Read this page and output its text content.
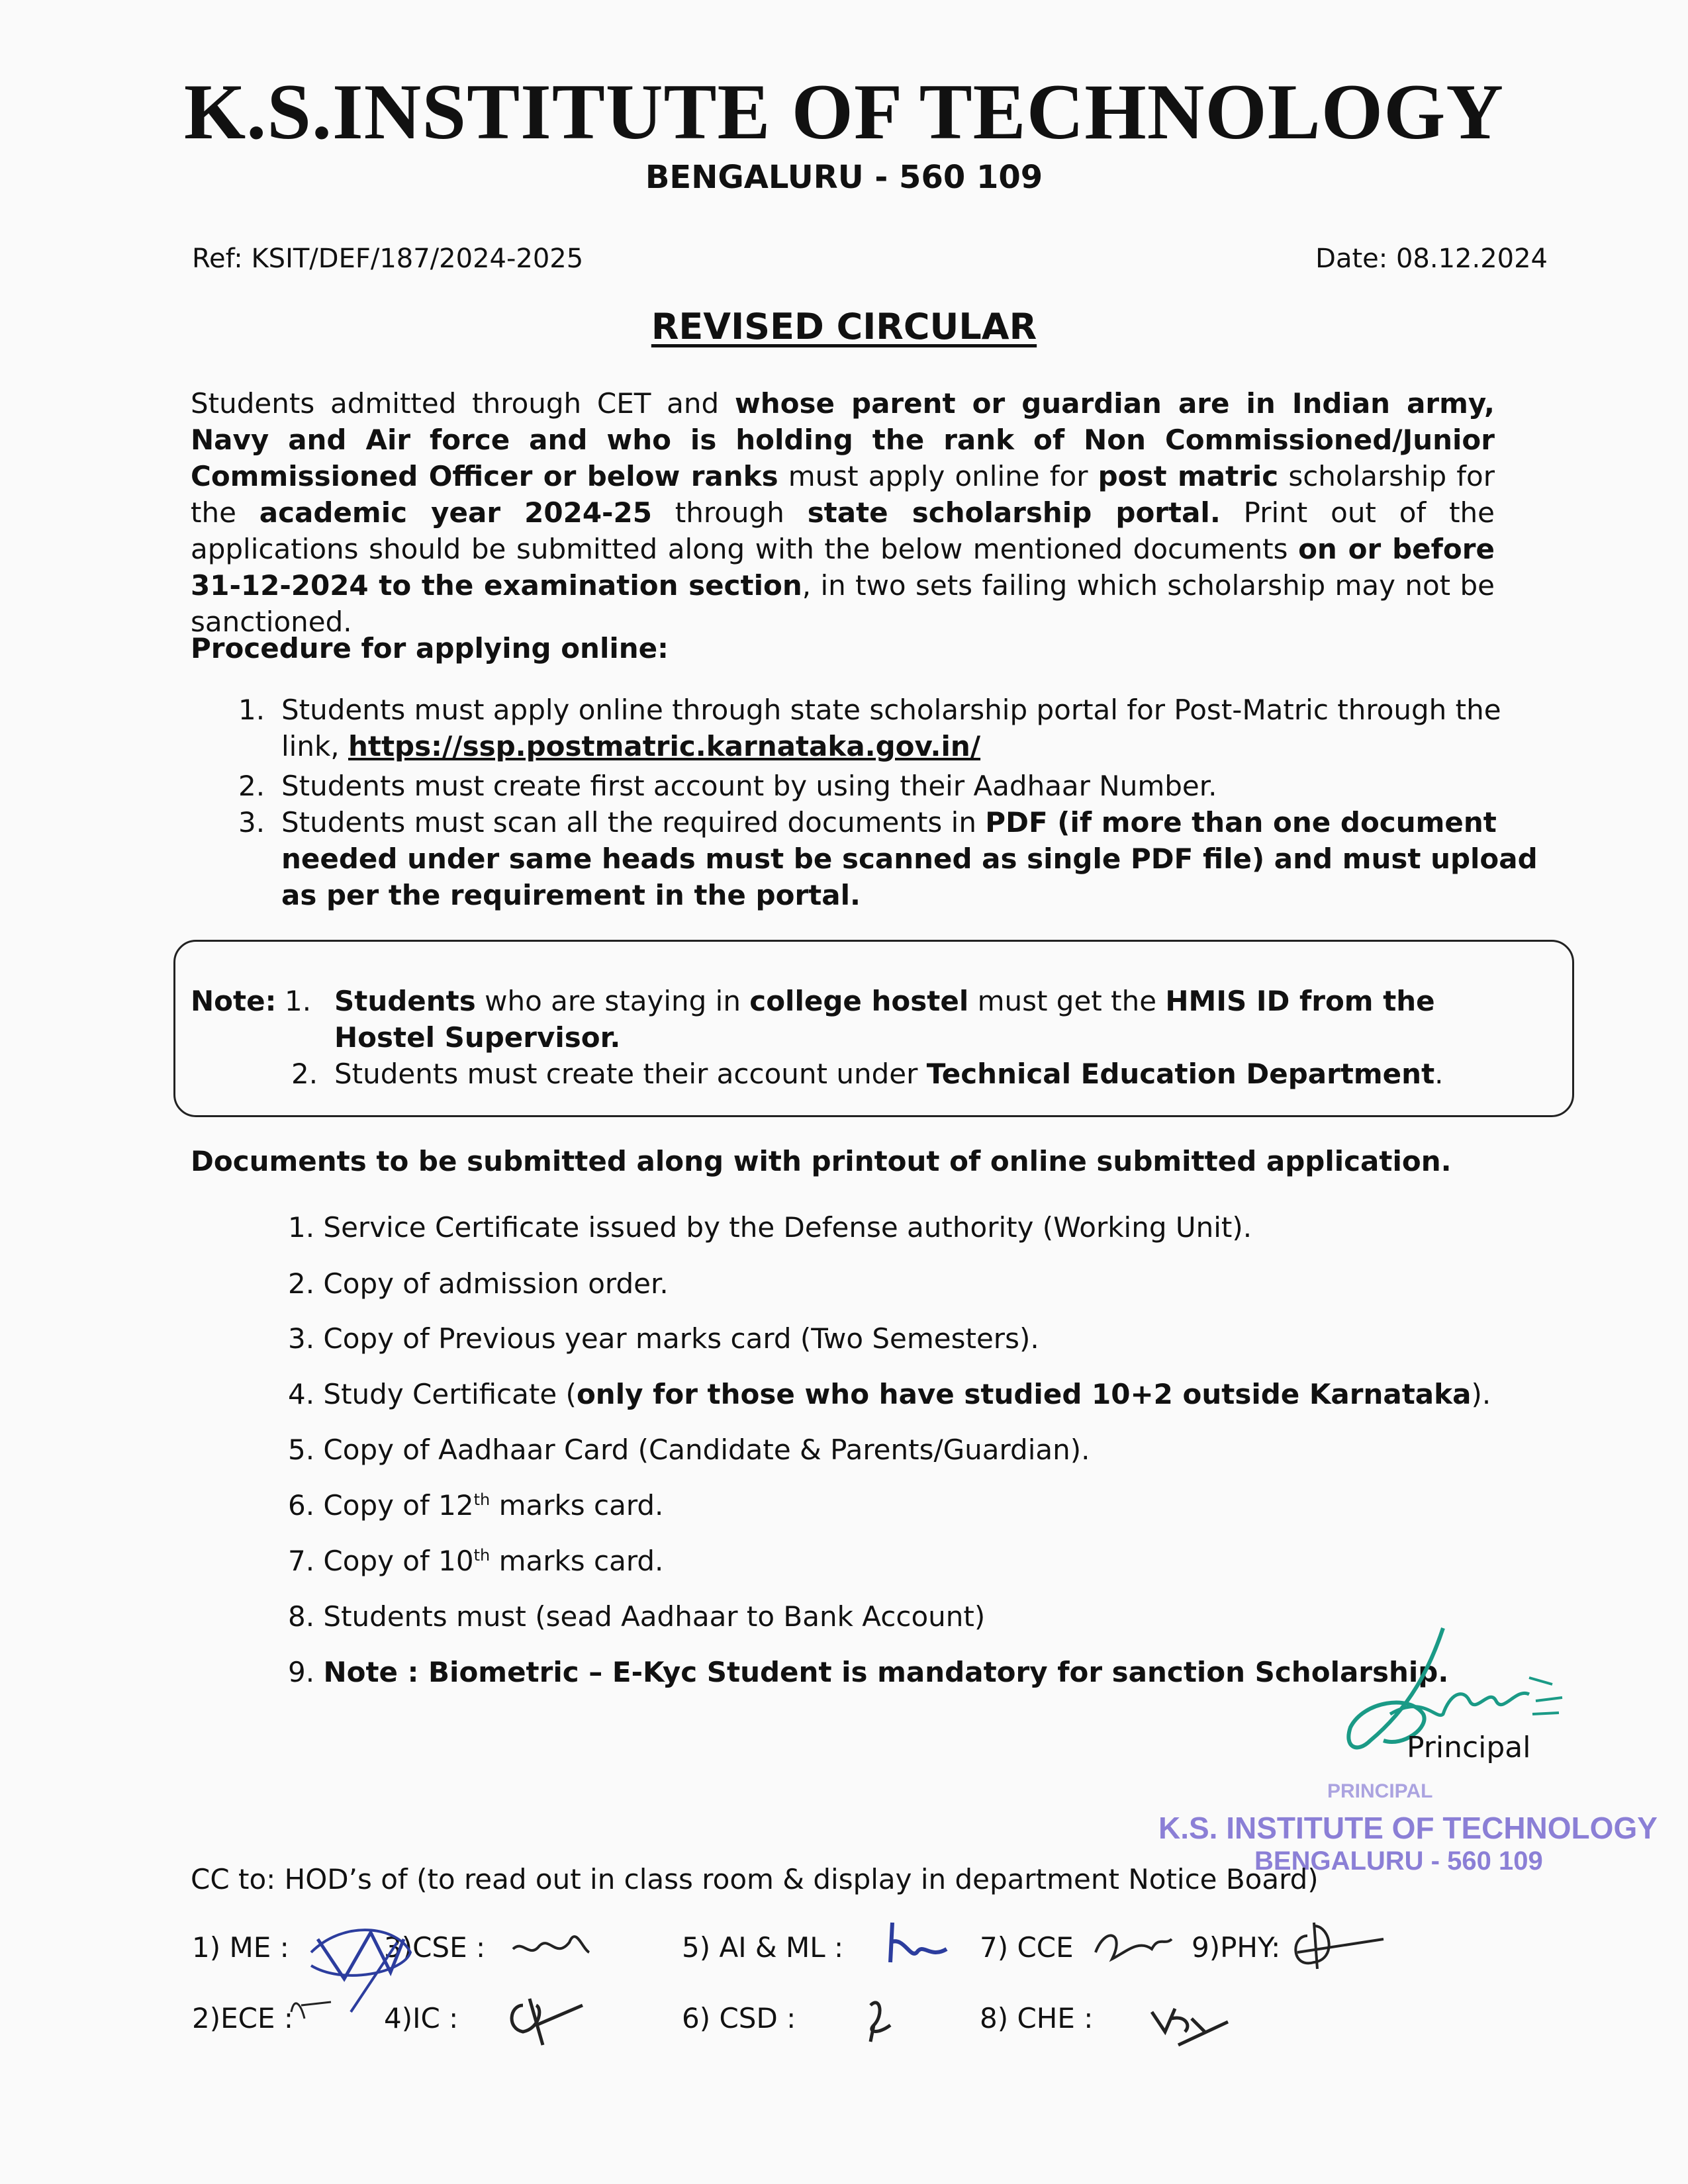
K.S.INSTITUTE OF TECHNOLOGY
BENGALURU - 560 109
Ref: KSIT/DEF/187/2024-2025	Date: 08.12.2024
REVISED CIRCULAR
Students admitted through CET and whose parent or guardian are in Indian army, Navy and Air force and who is holding the rank of Non Commissioned/Junior Commissioned Officer or below ranks must apply online for post matric scholarship for the academic year 2024-25 through state scholarship portal. Print out of the applications should be submitted along with the below mentioned documents on or before 31-12-2024 to the examination section, in two sets failing which scholarship may not be sanctioned.
Procedure for applying online:
1. Students must apply online through state scholarship portal for Post-Matric through the link, https://ssp.postmatric.karnataka.gov.in/
2. Students must create first account by using their Aadhaar Number.
3. Students must scan all the required documents in PDF (if more than one document needed under same heads must be scanned as single PDF file) and must upload as per the requirement in the portal.
Note: 1. Students who are staying in college hostel must get the HMIS ID from the Hostel Supervisor.
2. Students must create their account under Technical Education Department.
Documents to be submitted along with printout of online submitted application.
1. Service Certificate issued by the Defense authority (Working Unit).
2. Copy of admission order.
3. Copy of Previous year marks card (Two Semesters).
4. Study Certificate (only for those who have studied 10+2 outside Karnataka).
5. Copy of Aadhaar Card (Candidate & Parents/Guardian).
6. Copy of 12th marks card.
7. Copy of 10th marks card.
8. Students must (sead Aadhaar to Bank Account)
9. Note : Biometric – E-Kyc Student is mandatory for sanction Scholarship.
Principal
PRINCIPAL
K.S. INSTITUTE OF TECHNOLOGY
BENGALURU - 560 109
CC to: HOD’s of (to read out in class room & display in department Notice Board)
1) ME :	3)CSE :	5) AI & ML :	7) CCE	9)PHY:
2)ECE :	4)IC :	6) CSD :	8) CHE :
